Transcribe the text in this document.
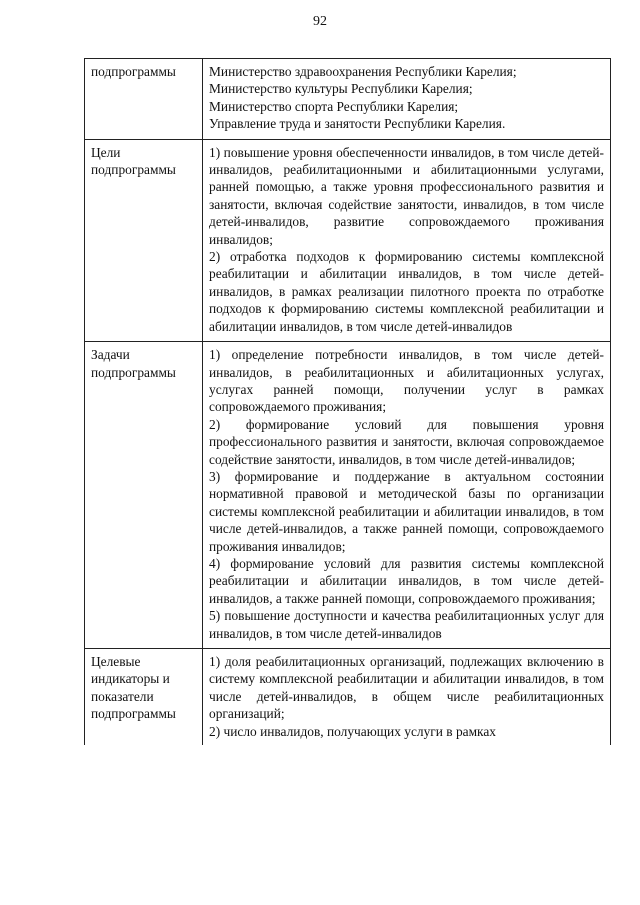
92

подпрограммы	Министерство здравоохранения Республики Карелия;

Министерство культуры Республики Карелия;

Министерство спорта Республики Карелия;

Управление труда и занятости Республики Карелия.

Цели подпрограммы	1) повышение уровня обеспеченности инвалидов, в том числе детей-инвалидов, реабилитационными и абилитационными услугами, ранней помощью, а также уровня профессионального развития и занятости, включая содействие занятости, инвалидов, в том числе детей-инвалидов, развитие сопровождаемого проживания инвалидов;

2) отработка подходов к формированию системы комплексной реабилитации и абилитации инвалидов, в том числе детей-инвалидов, в рамках реализации пилотного проекта по отработке подходов к формированию системы комплексной реабилитации и абилитации инвалидов, в том числе детей-инвалидов

Задачи подпрограммы	1) определение потребности инвалидов, в том числе детей-инвалидов, в реабилитационных и абилитационных услугах, услугах ранней помощи, получении услуг в рамках сопровождаемого проживания;

2) формирование условий для повышения уровня профессионального развития и занятости, включая сопровождаемое содействие занятости, инвалидов, в том числе детей-инвалидов;

3) формирование и поддержание в актуальном состоянии нормативной правовой и методической базы по организации системы комплексной реабилитации и абилитации инвалидов, в том числе детей-инвалидов, а также ранней помощи, сопровождаемого проживания инвалидов;

4) формирование условий для развития системы комплексной реабилитации и абилитации инвалидов, в том числе детей-инвалидов, а также ранней помощи, сопровождаемого проживания;

5) повышение доступности и качества реабилитационных услуг для инвалидов, в том числе детей-инвалидов

Целевые индикаторы и показатели подпрограммы	1) доля реабилитационных организаций, подлежащих включению в систему комплексной реабилитации и абилитации инвалидов, в том числе детей-инвалидов, в общем числе реабилитационных организаций;

2) число инвалидов, получающих услуги в рамках
